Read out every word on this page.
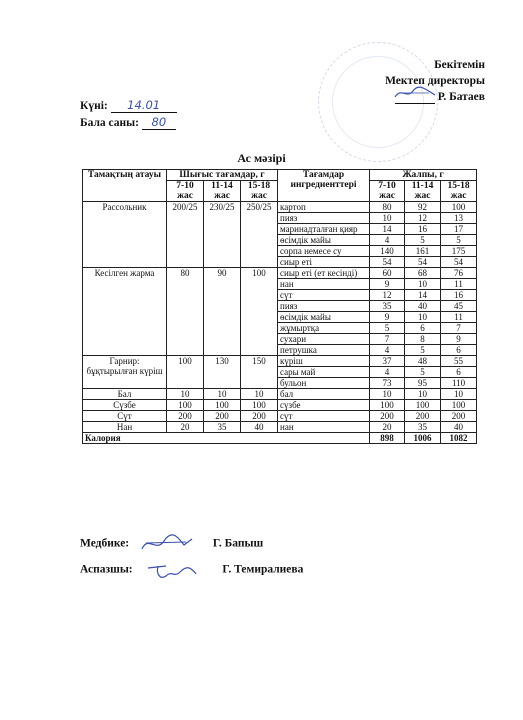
Бекітемін
Мектеп директоры
Р. Батаев
Күні: 14.01
Бала саны: 80
Ас мәзірі
Тамақтың атауы	Шығыс тағамдар, г			Тағамдар ингредиенттері	Жалпы, г		
	7-10 жас	11-14 жас	15-18 жас		7-10 жас	11-14 жас	15-18 жас
Рассольник	200/25	230/25	250/25	картоп	80	92	100
				пияз	10	12	13
				маринадталған қияр	14	16	17
				өсімдік майы	4	5	5
				сорпа немесе су	140	161	175
				сиыр еті	54	54	54
Кесілген жарма	80	90	100	сиыр еті (ет кесінді)	60	68	76
				нан	9	10	11
				сүт	12	14	16
				пияз	35	40	45
				өсімдік майы	9	10	11
				жұмыртқа	5	6	7
				сухари	7	8	9
				петрушка	4	5	6
Гарнир: бұқтырылған күріш	100	130	150	күріш	37	48	55
				сары май	4	5	6
				бульон	73	95	110
Бал	10	10	10	бал	10	10	10
Сүзбе	100	100	100	сүзбе	100	100	100
Сүт	200	200	200	сүт	200	200	200
Нан	20	35	40	нан	20	35	40
Калория					898	1006	1082
Медбике:	Г. Бапыш
Аспазшы:	Г. Темиралиева
